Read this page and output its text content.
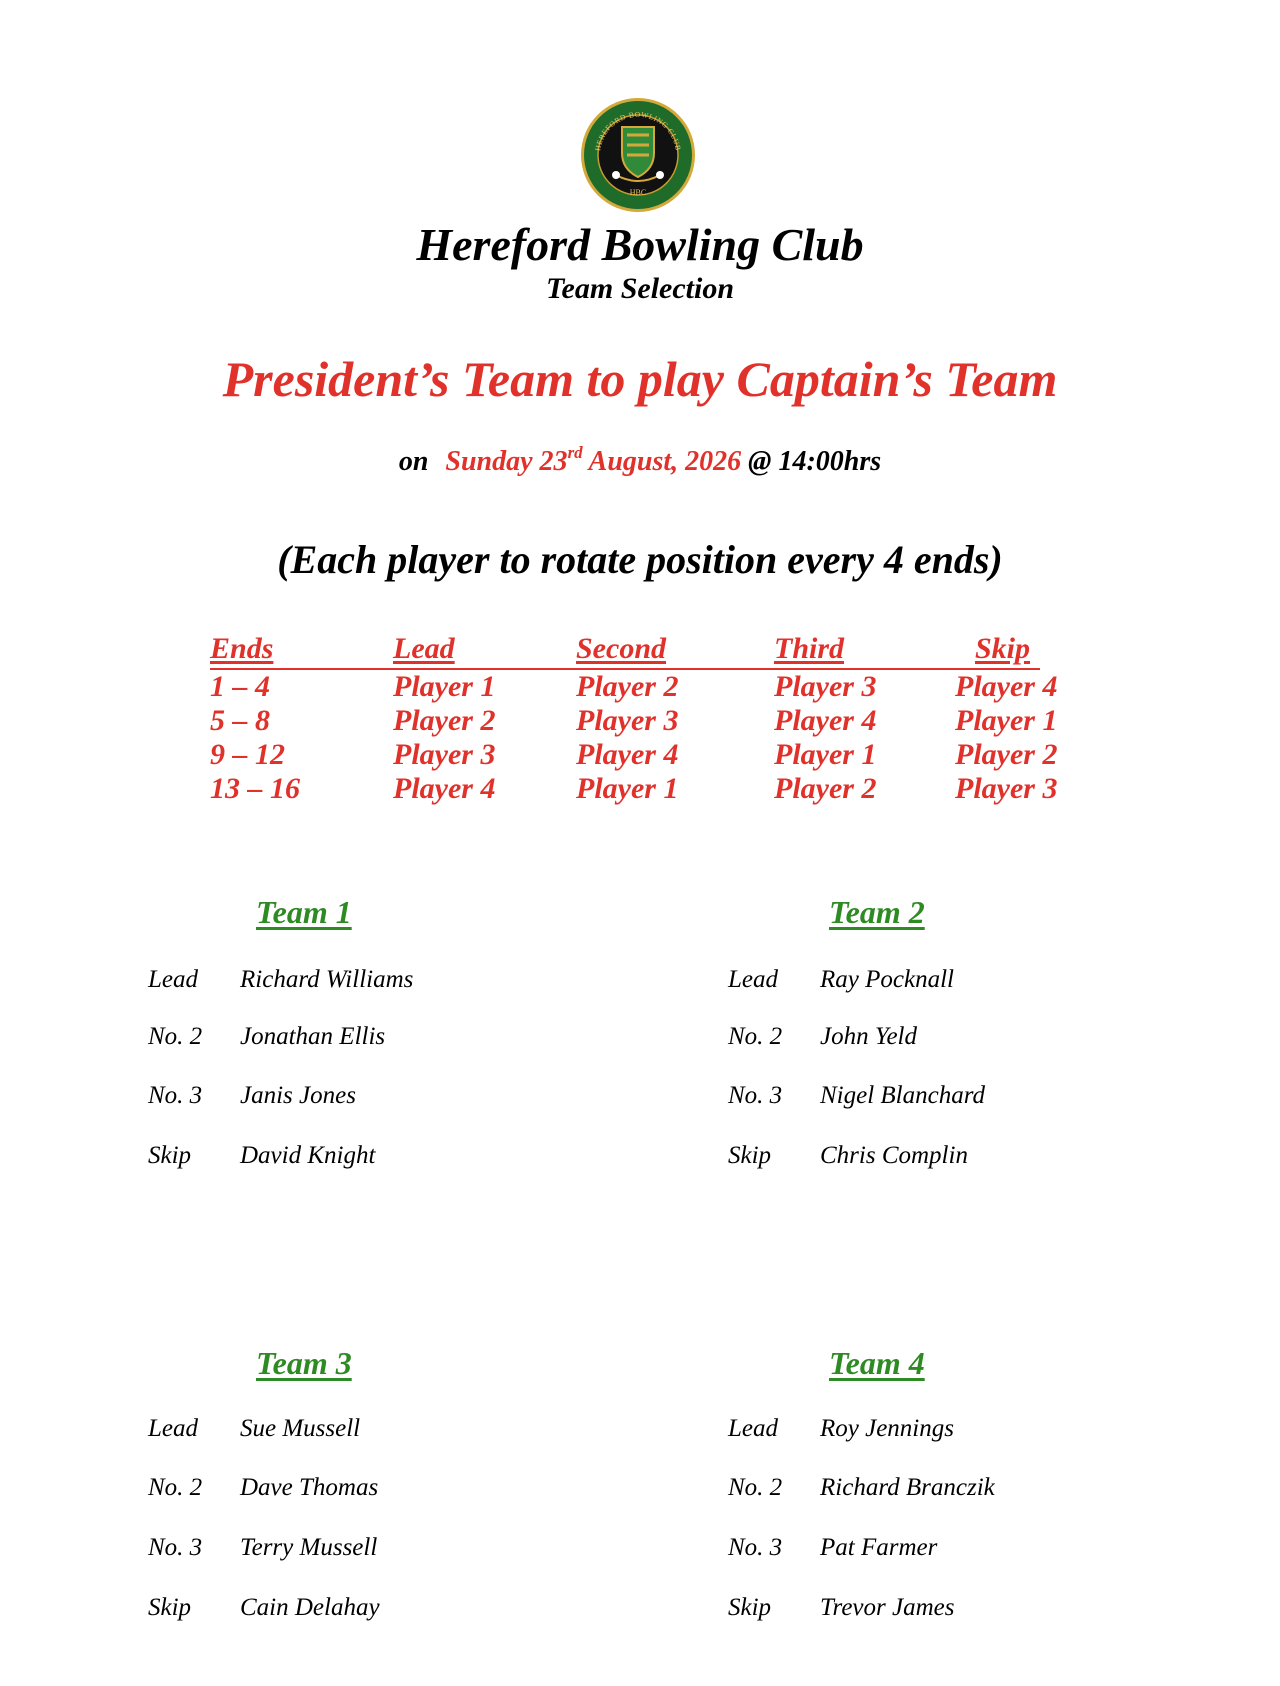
HEREFORD BOWLING CLUB
HBC
Hereford Bowling Club
Team Selection
President’s Team to play Captain’s Team
on Sunday 23rd August, 2026 @ 14:00hrs
(Each player to rotate position every 4 ends)
Ends	Lead	Second	Third	Skip
1 – 4	Player 1	Player 2	Player 3	Player 4
5 – 8	Player 2	Player 3	Player 4	Player 1
9 – 12	Player 3	Player 4	Player 1	Player 2
13 – 16	Player 4	Player 1	Player 2	Player 3
Team 1
Lead Richard Williams
No. 2 Jonathan Ellis
No. 3 Janis Jones
Skip David Knight
Team 2
Lead Ray Pocknall
No. 2 John Yeld
No. 3 Nigel Blanchard
Skip Chris Complin
Team 3
Lead Sue Mussell
No. 2 Dave Thomas
No. 3 Terry Mussell
Skip Cain Delahay
Team 4
Lead Roy Jennings
No. 2 Richard Branczik
No. 3 Pat Farmer
Skip Trevor James
